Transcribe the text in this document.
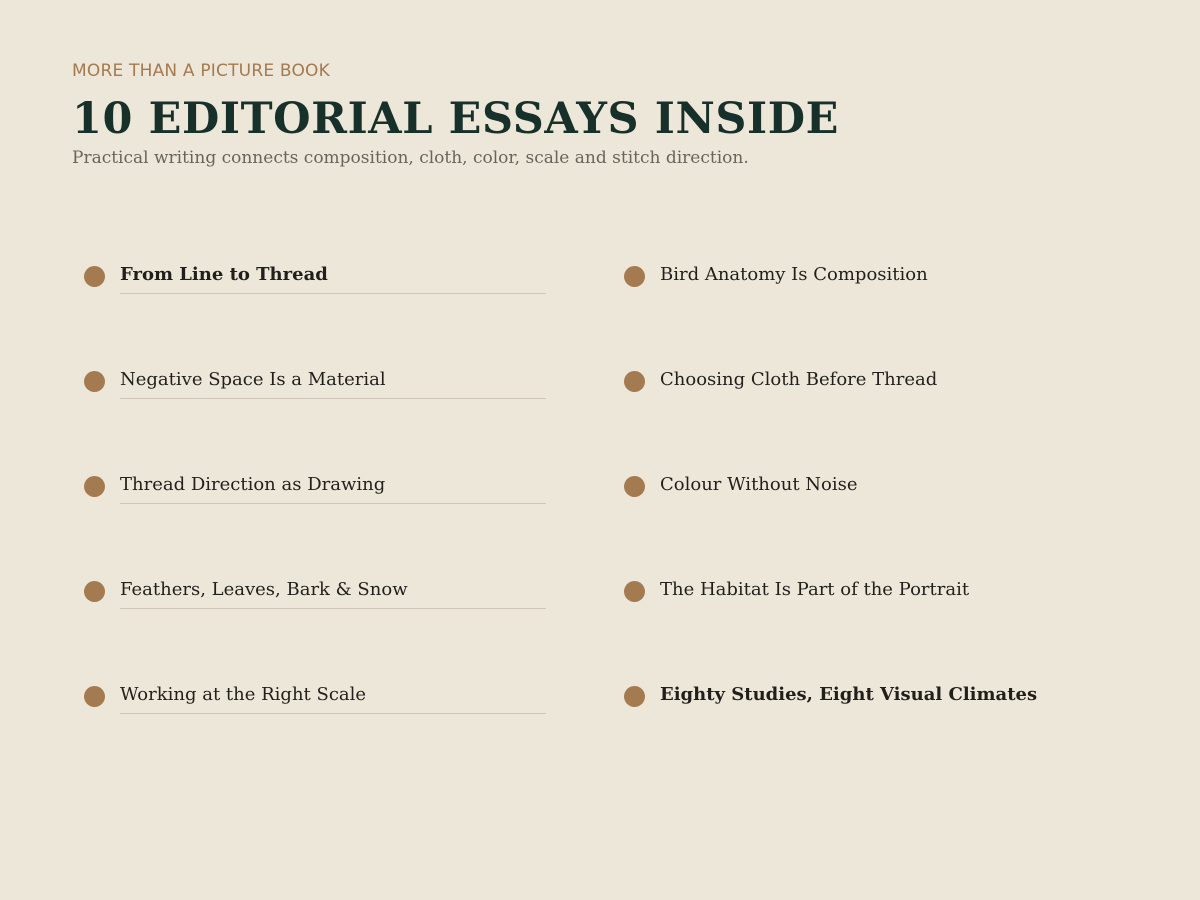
MORE THAN A PICTURE BOOK

10 EDITORIAL ESSAYS INSIDE

Practical writing connects composition, cloth, color, scale and stitch direction.

From Line to Thread
Negative Space Is a Material
Thread Direction as Drawing
Feathers, Leaves, Bark & Snow
Working at the Right Scale
Bird Anatomy Is Composition
Choosing Cloth Before Thread
Colour Without Noise
The Habitat Is Part of the Portrait
Eighty Studies, Eight Visual Climates
